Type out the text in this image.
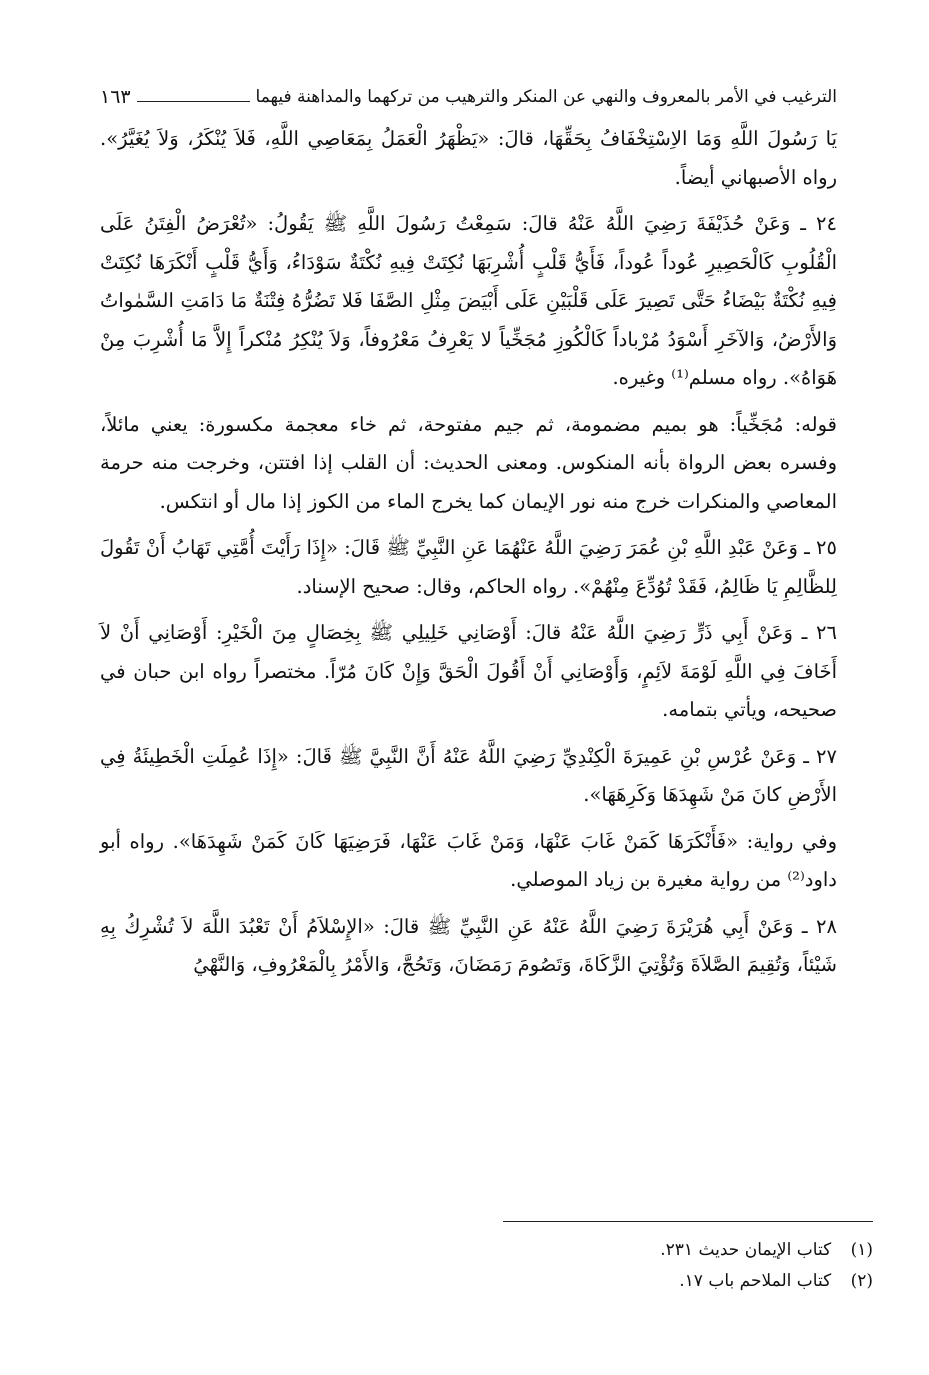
الترغيب في الأمر بالمعروف والنهي عن المنكر والترهيب من تركهما والمداهنة فيهما
١٦٣

يَا رَسُولَ اللَّهِ وَمَا الاِسْتِخْفَافُ بِحَقِّهَا، قالَ: «يَظْهَرُ الْعَمَلُ بِمَعَاصِي اللَّهِ، فَلاَ يُنْكَرُ، وَلاَ يُغَيَّرُ». رواه الأصبهاني أيضاً.

٢٤ ـ وَعَنْ حُذَيْفَةَ رَضِيَ اللَّهُ عَنْهُ قالَ: سَمِعْتُ رَسُولَ اللَّهِ ﷺ يَقُولُ: «تُعْرَضُ الْفِتَنُ عَلَى الْقُلُوبِ كَالْحَصِيرِ عُوداً عُوداً، فَأَيُّ قَلْبٍ أُشْرِبَهَا نُكِتَتْ فِيهِ نُكْتَةٌ سَوْدَاءُ، وَأَيُّ قَلْبٍ أَنْكَرَهَا نُكِتَتْ فِيهِ نُكْتَةٌ بَيْضَاءُ حَتَّى تَصِيرَ عَلَى قَلْبَيْنِ عَلَى أَبْيَضَ مِثْلِ الصَّفَا فَلا تَضُرُّهُ فِتْنَةٌ مَا دَامَتِ السَّمٰواتُ وَالأَرْضُ، وَالآخَرِ أَسْوَدُ مُرْباداً كَالْكُوزِ مُجَخِّياً لا يَعْرِفُ مَعْرُوفاً، وَلاَ يُنْكِرُ مُنْكراً إِلاَّ مَا أُشْرِبَ مِنْ هَوَاهُ». رواه مسلم⁽¹⁾ وغيره.

قوله: مُجَخِّياً: هو بميم مضمومة، ثم جيم مفتوحة، ثم خاء معجمة مكسورة: يعني مائلاً، وفسره بعض الرواة بأنه المنكوس. ومعنى الحديث: أن القلب إذا افتتن، وخرجت منه حرمة المعاصي والمنكرات خرج منه نور الإيمان كما يخرج الماء من الكوز إذا مال أو انتكس.

٢٥ ـ وَعَنْ عَبْدِ اللَّهِ بْنِ عُمَرَ رَضِيَ اللَّهُ عَنْهُمَا عَنِ النَّبِيِّ ﷺ قَالَ: «إِذَا رَأَيْتَ أُمَّتِي تَهَابُ أَنْ تَقُولَ لِلظَّالِمِ يَا ظَالِمُ، فَقَدْ تُوُدِّعَ مِنْهُمْ». رواه الحاكم، وقال: صحيح الإسناد.

٢٦ ـ وَعَنْ أَبِي ذَرٍّ رَضِيَ اللَّهُ عَنْهُ قالَ: أَوْصَانِي خَلِيلِي ﷺ بِخِصَالٍ مِنَ الْخَيْرِ: أَوْصَانِي أَنْ لاَ أَخَافَ فِي اللَّهِ لَوْمَةَ لاَئِمٍ، وَأَوْصَانِي أَنْ أَقُولَ الْحَقَّ وَإِنْ كَانَ مُرّاً. مختصراً رواه ابن حبان في صحيحه، ويأتي بتمامه.

٢٧ ـ وَعَنْ عُرْسِ بْنِ عَمِيرَةَ الْكِنْدِيِّ رَضِيَ اللَّهُ عَنْهُ أَنَّ النَّبِيَّ ﷺ قَالَ: «إِذَا عُمِلَتِ الْخَطِيئَةُ فِي الأَرْضِ كانَ مَنْ شَهِدَهَا وَكَرِهَهَا».

وفي رواية: «فَأَنْكَرَهَا كَمَنْ غَابَ عَنْهَا، وَمَنْ غَابَ عَنْهَا، فَرَضِيَهَا كَانَ كَمَنْ شَهِدَهَا». رواه أبو داود⁽²⁾ من رواية مغيرة بن زياد الموصلي.

٢٨ ـ وَعَنْ أَبِي هُرَيْرَةَ رَضِيَ اللَّهُ عَنْهُ عَنِ النَّبِيِّ ﷺ قالَ: «الإِسْلاَمُ أَنْ تَعْبُدَ اللَّهَ لاَ تُشْرِكُ بِهِ شَيْئاً، وَتُقِيمَ الصَّلاَةَ وَتُؤْتِيَ الزَّكَاةَ، وَتَصُومَ رَمَضَانَ، وَتَحُجَّ، وَالأَمْرُ بِالْمَعْرُوفِ، وَالنَّهْيُ

(١) كتاب الإيمان حديث ٢٣١.
(٢) كتاب الملاحم باب ١٧.
